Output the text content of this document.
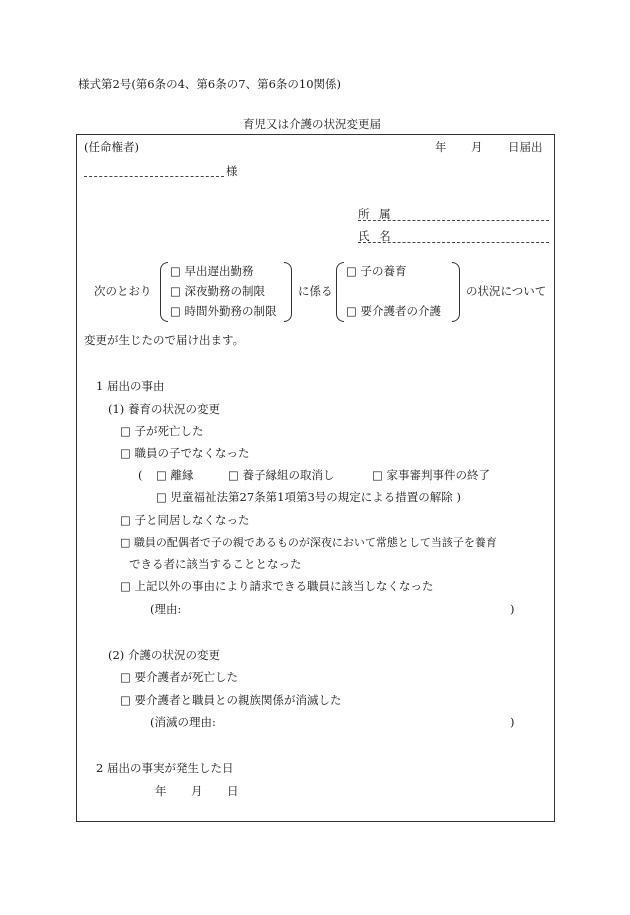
様式第2号(第6条の4、第6条の7、第6条の10関係)
育児又は介護の状況変更届
(任命権者)	年 月 日届出
様
所 属
氏 名
次のとおり
□ 早出遅出勤務
□ 深夜勤務の制限
□ 時間外勤務の制限
に係る
□ 子の養育
□ 要介護者の介護
の状況について
変更が生じたので届け出ます。
1 届出の事由
(1) 養育の状況の変更
□ 子が死亡した
□ 職員の子でなくなった
( □ 離縁	□ 養子縁組の取消し	□ 家事審判事件の終了
□ 児童福祉法第27条第1項第3号の規定による措置の解除 )
□ 子と同居しなくなった
□ 職員の配偶者で子の親であるものが深夜において常態として当該子を養育
できる者に該当することとなった
□ 上記以外の事由により請求できる職員に該当しなくなった
(理由:	)
(2) 介護の状況の変更
□ 要介護者が死亡した
□ 要介護者と職員との親族関係が消滅した
(消滅の理由:	)
2 届出の事実が発生した日
年 月 日
